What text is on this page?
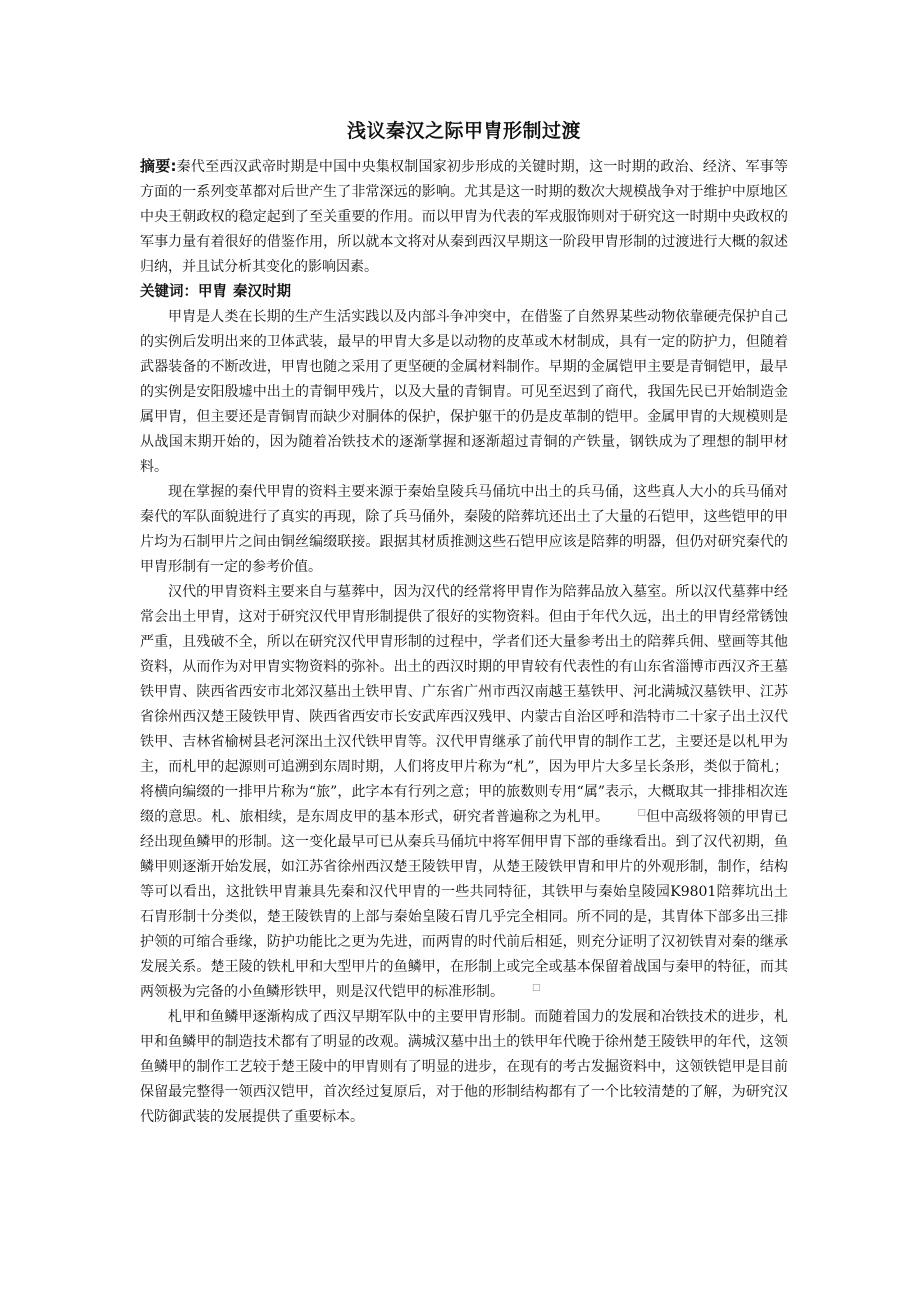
浅议秦汉之际甲胄形制过渡

摘要:秦代至西汉武帝时期是中国中央集权制国家初步形成的关键时期，这一时期的政治、经济、军事等方面的一系列变革都对后世产生了非常深远的影响。尤其是这一时期的数次大规模战争对于维护中原地区中央王朝政权的稳定起到了至关重要的作用。而以甲胄为代表的军戎服饰则对于研究这一时期中央政权的军事力量有着很好的借鉴作用，所以就本文将对从秦到西汉早期这一阶段甲胄形制的过渡进行大概的叙述归纳，并且试分析其变化的影响因素。

关键词：甲胄 秦汉时期

甲胄是人类在长期的生产生活实践以及内部斗争冲突中，在借鉴了自然界某些动物依靠硬壳保护自己的实例后发明出来的卫体武装，最早的甲胄大多是以动物的皮革或木材制成，具有一定的防护力，但随着武器装备的不断改进，甲胄也随之采用了更坚硬的金属材料制作。早期的金属铠甲主要是青铜铠甲，最早的实例是安阳殷墟中出土的青铜甲残片，以及大量的青铜胄。可见至迟到了商代，我国先民已开始制造金属甲胄，但主要还是青铜胄而缺少对胴体的保护，保护躯干的仍是皮革制的铠甲。金属甲胄的大规模则是从战国末期开始的，因为随着冶铁技术的逐渐掌握和逐渐超过青铜的产铁量，钢铁成为了理想的制甲材料。

现在掌握的秦代甲胄的资料主要来源于秦始皇陵兵马俑坑中出土的兵马俑，这些真人大小的兵马俑对秦代的军队面貌进行了真实的再现，除了兵马俑外，秦陵的陪葬坑还出土了大量的石铠甲，这些铠甲的甲片均为石制甲片之间由铜丝编缀联接。跟据其材质推测这些石铠甲应该是陪葬的明器，但仍对研究秦代的甲胄形制有一定的参考价值。

汉代的甲胄资料主要来自与墓葬中，因为汉代的经常将甲胄作为陪葬品放入墓室。所以汉代墓葬中经常会出土甲胄，这对于研究汉代甲胄形制提供了很好的实物资料。但由于年代久远，出土的甲胄经常锈蚀严重，且残破不全，所以在研究汉代甲胄形制的过程中，学者们还大量参考出土的陪葬兵佣、壁画等其他资料，从而作为对甲胄实物资料的弥补。出土的西汉时期的甲胄较有代表性的有山东省淄博市西汉齐王墓铁甲胄、陕西省西安市北郊汉墓出土铁甲胄、广东省广州市西汉南越王墓铁甲、河北满城汉墓铁甲、江苏省徐州西汉楚王陵铁甲胄、陕西省西安市长安武库西汉残甲、内蒙古自治区呼和浩特市二十家子出土汉代铁甲、吉林省榆树县老河深出土汉代铁甲胄等。汉代甲胄继承了前代甲胄的制作工艺，主要还是以札甲为主，而札甲的起源则可追溯到东周时期，人们将皮甲片称为“札”，因为甲片大多呈长条形，类似于简札；将横向编缀的一排甲片称为“旅”，此字本有行列之意；甲的旅数则专用“属”表示，大概取其一排排相次连缀的意思。札、旅相续，是东周皮甲的基本形式，研究者普遍称之为札甲。	□但中高级将领的甲胄已经出现鱼鳞甲的形制。这一变化最早可已从秦兵马俑坑中将军佣甲胄下部的垂缘看出。到了汉代初期，鱼鳞甲则逐渐开始发展，如江苏省徐州西汉楚王陵铁甲胄，从楚王陵铁甲胄和甲片的外观形制，制作，结构等可以看出，这批铁甲胄兼具先秦和汉代甲胄的一些共同特征，其铁甲与秦始皇陵园K9801陪葬坑出土石胄形制十分类似，楚王陵铁胄的上部与秦始皇陵石胄几乎完全相同。所不同的是，其胄体下部多出三排护领的可缩合垂缘，防护功能比之更为先进，而两胄的时代前后相延，则充分证明了汉初铁胄对秦的继承发展关系。楚王陵的铁札甲和大型甲片的鱼鳞甲，在形制上或完全或基本保留着战国与秦甲的特征，而其两领极为完备的小鱼鳞形铁甲，则是汉代铠甲的标准形制。	□

札甲和鱼鳞甲逐渐构成了西汉早期军队中的主要甲胄形制。而随着国力的发展和冶铁技术的进步，札甲和鱼鳞甲的制造技术都有了明显的改观。满城汉墓中出土的铁甲年代晚于徐州楚王陵铁甲的年代，这领鱼鳞甲的制作工艺较于楚王陵中的甲胄则有了明显的进步，在现有的考古发掘资料中，这领铁铠甲是目前保留最完整得一领西汉铠甲，首次经过复原后，对于他的形制结构都有了一个比较清楚的了解，为研究汉代防御武装的发展提供了重要标本。
